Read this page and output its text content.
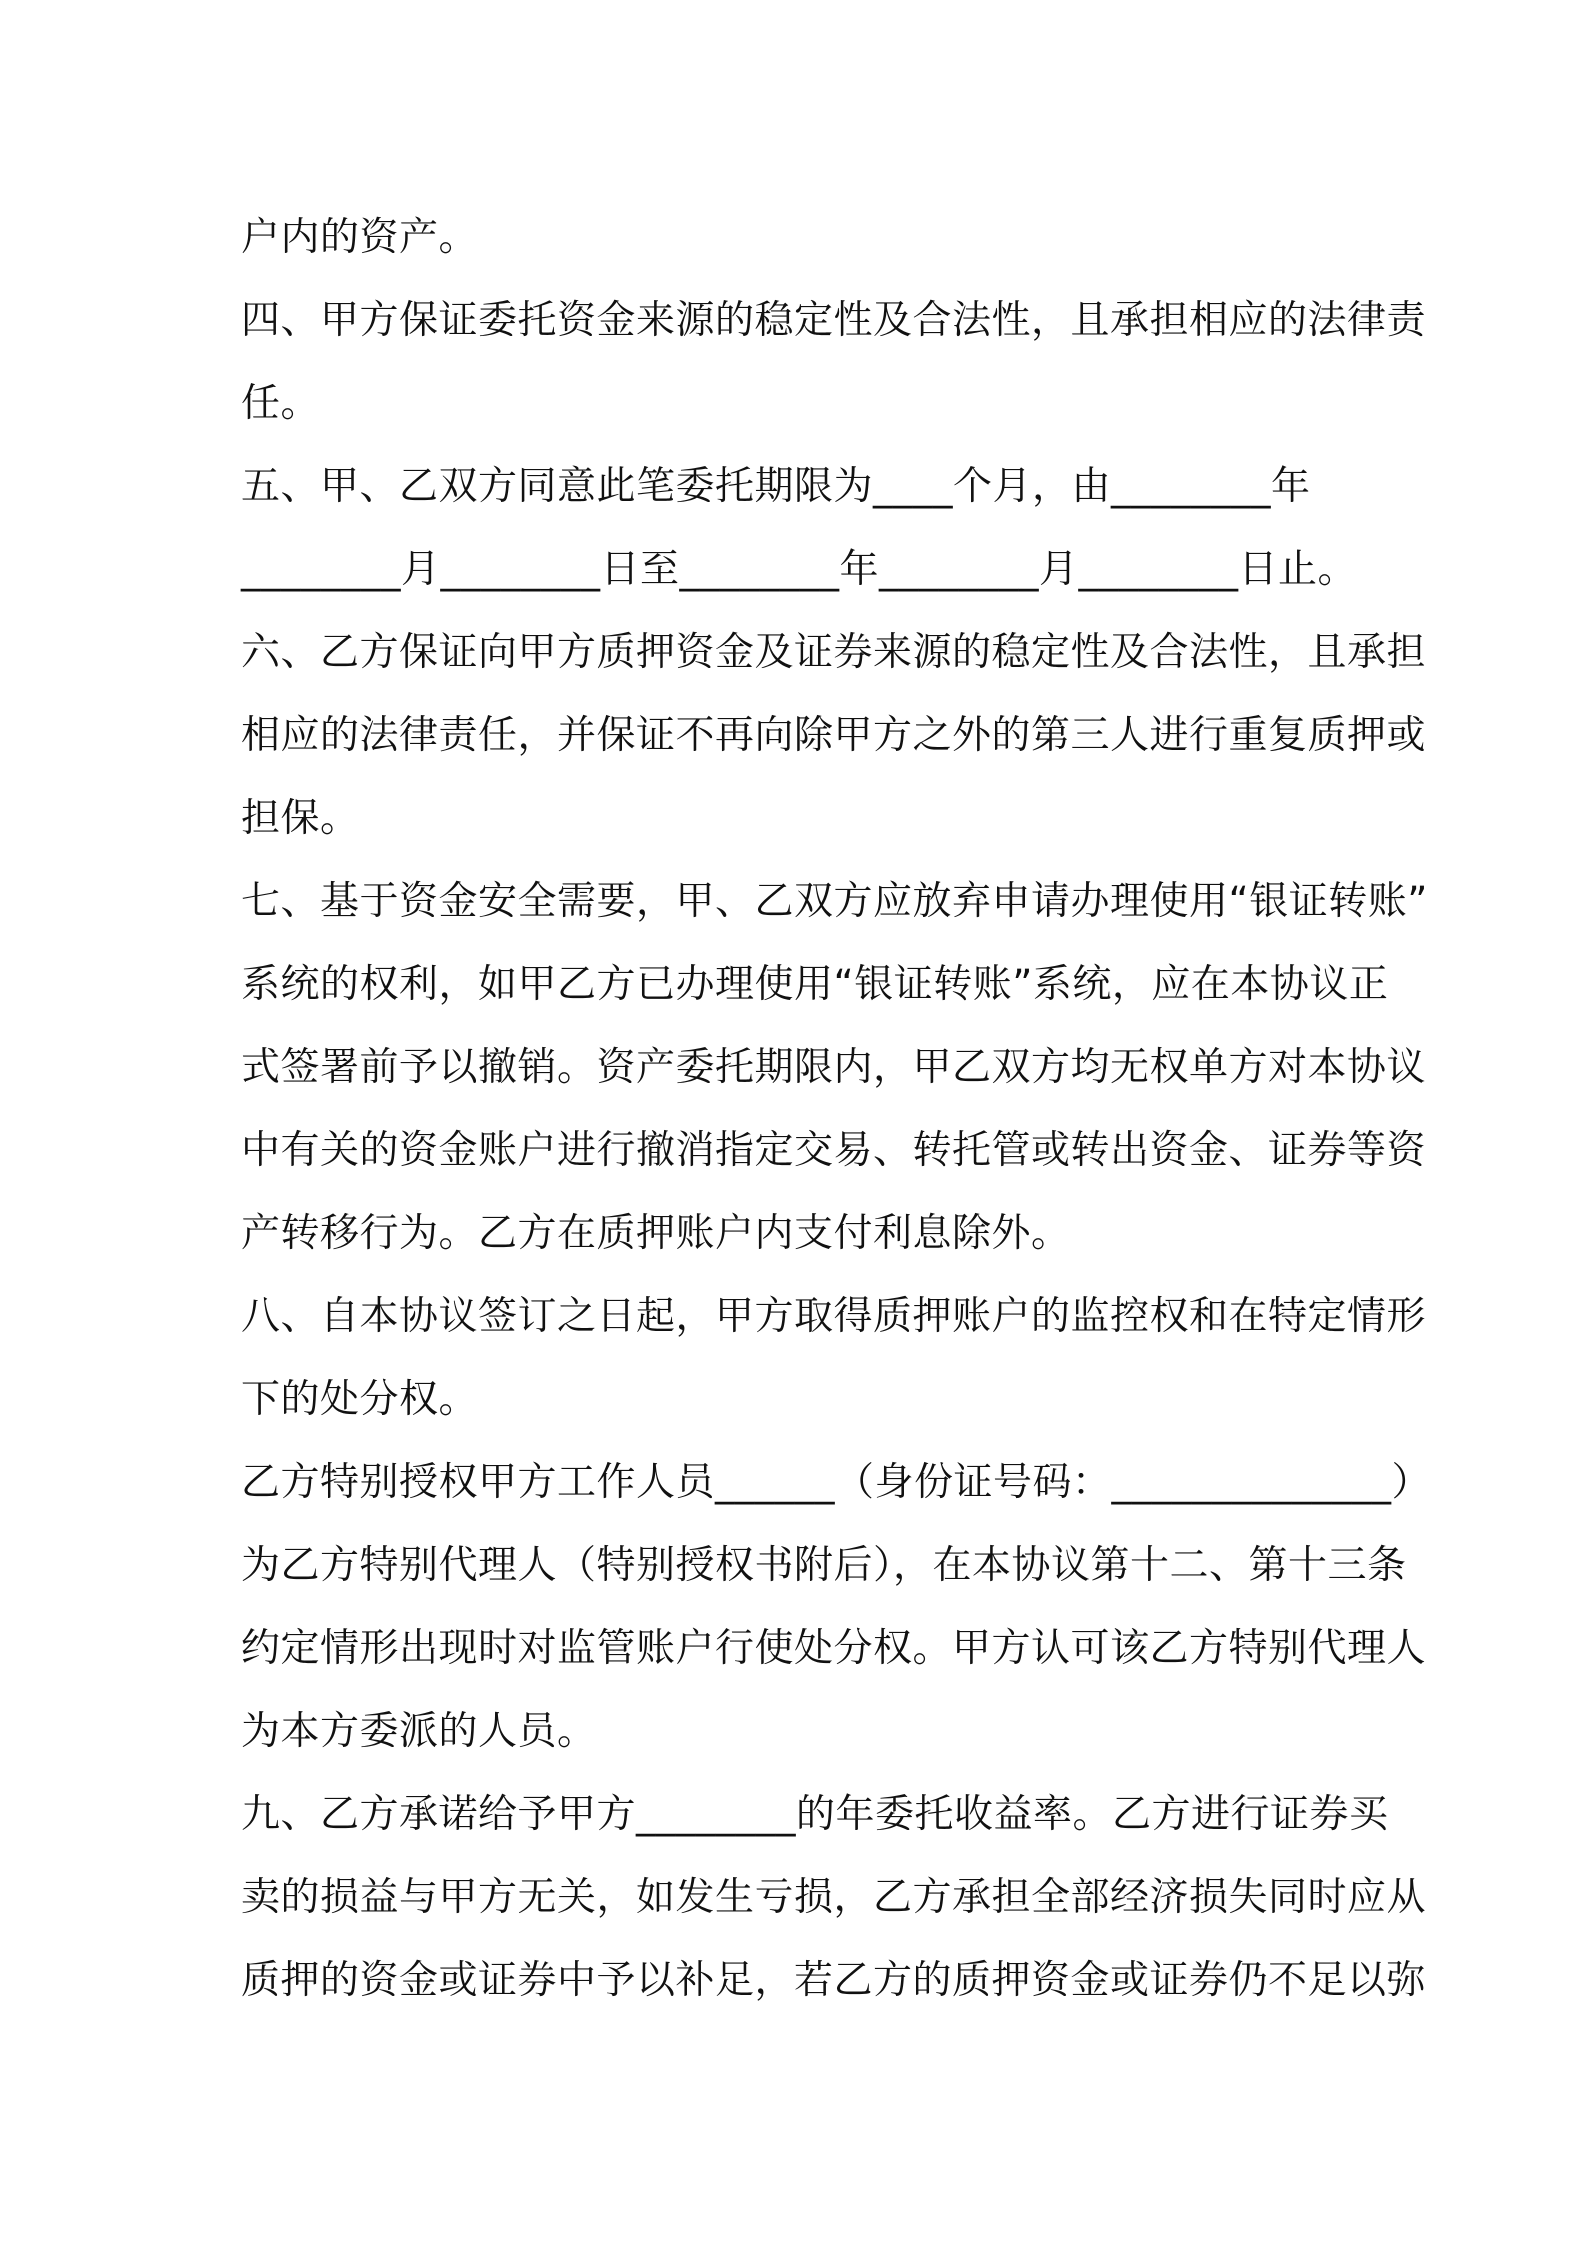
户内的资产。
四、甲方保证委托资金来源的稳定性及合法性，且承担相应的法律责
任。
五、甲、乙双方同意此笔委托期限为____个月，由________年
________月________日至________年________月________日止。
六、乙方保证向甲方质押资金及证券来源的稳定性及合法性，且承担
相应的法律责任，并保证不再向除甲方之外的第三人进行重复质押或
担保。
七、基于资金安全需要，甲、乙双方应放弃申请办理使用“银证转账”
系统的权利，如甲乙方已办理使用“银证转账”系统，应在本协议正
式签署前予以撤销。资产委托期限内，甲乙双方均无权单方对本协议
中有关的资金账户进行撤消指定交易、转托管或转出资金、证券等资
产转移行为。乙方在质押账户内支付利息除外。
八、自本协议签订之日起，甲方取得质押账户的监控权和在特定情形
下的处分权。
乙方特别授权甲方工作人员______（身份证号码：______________）
为乙方特别代理人（特别授权书附后），在本协议第十二、第十三条
约定情形出现时对监管账户行使处分权。甲方认可该乙方特别代理人
为本方委派的人员。
九、乙方承诺给予甲方________的年委托收益率。乙方进行证券买
卖的损益与甲方无关，如发生亏损，乙方承担全部经济损失同时应从
质押的资金或证券中予以补足，若乙方的质押资金或证券仍不足以弥
